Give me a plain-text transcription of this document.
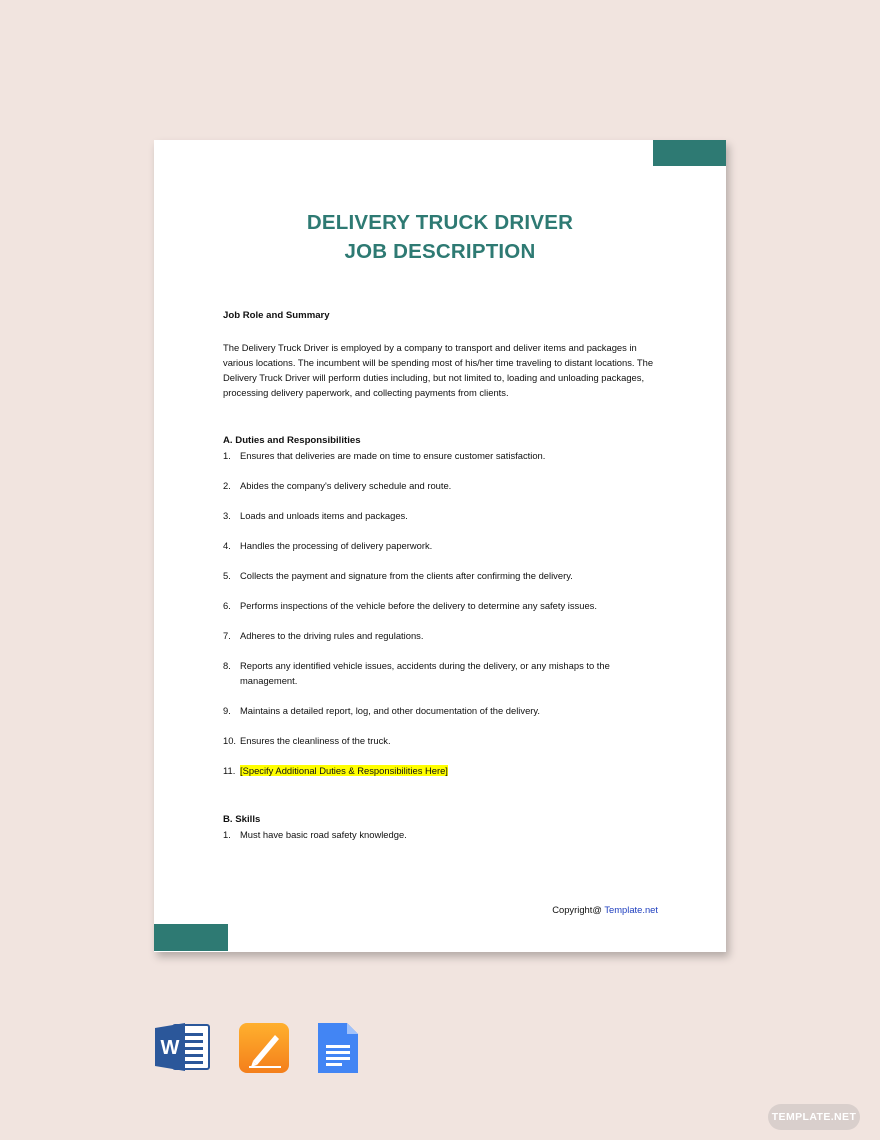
DELIVERY TRUCK DRIVER
JOB DESCRIPTION
Job Role and Summary
The Delivery Truck Driver is employed by a company to transport and deliver items and packages in various locations. The incumbent will be spending most of his/her time traveling to distant locations. The Delivery Truck Driver will perform duties including, but not limited to, loading and unloading packages, processing delivery paperwork, and collecting payments from clients.
A. Duties and Responsibilities
1. Ensures that deliveries are made on time to ensure customer satisfaction.
2. Abides the company's delivery schedule and route.
3. Loads and unloads items and packages.
4. Handles the processing of delivery paperwork.
5. Collects the payment and signature from the clients after confirming the delivery.
6. Performs inspections of the vehicle before the delivery to determine any safety issues.
7. Adheres to the driving rules and regulations.
8. Reports any identified vehicle issues, accidents during the delivery, or any mishaps to the management.
9. Maintains a detailed report, log, and other documentation of the delivery.
10. Ensures the cleanliness of the truck.
11. [Specify Additional Duties & Responsibilities Here]
B. Skills
1. Must have basic road safety knowledge.
Copyright@ Template.net
W
TEMPLATE.NET
